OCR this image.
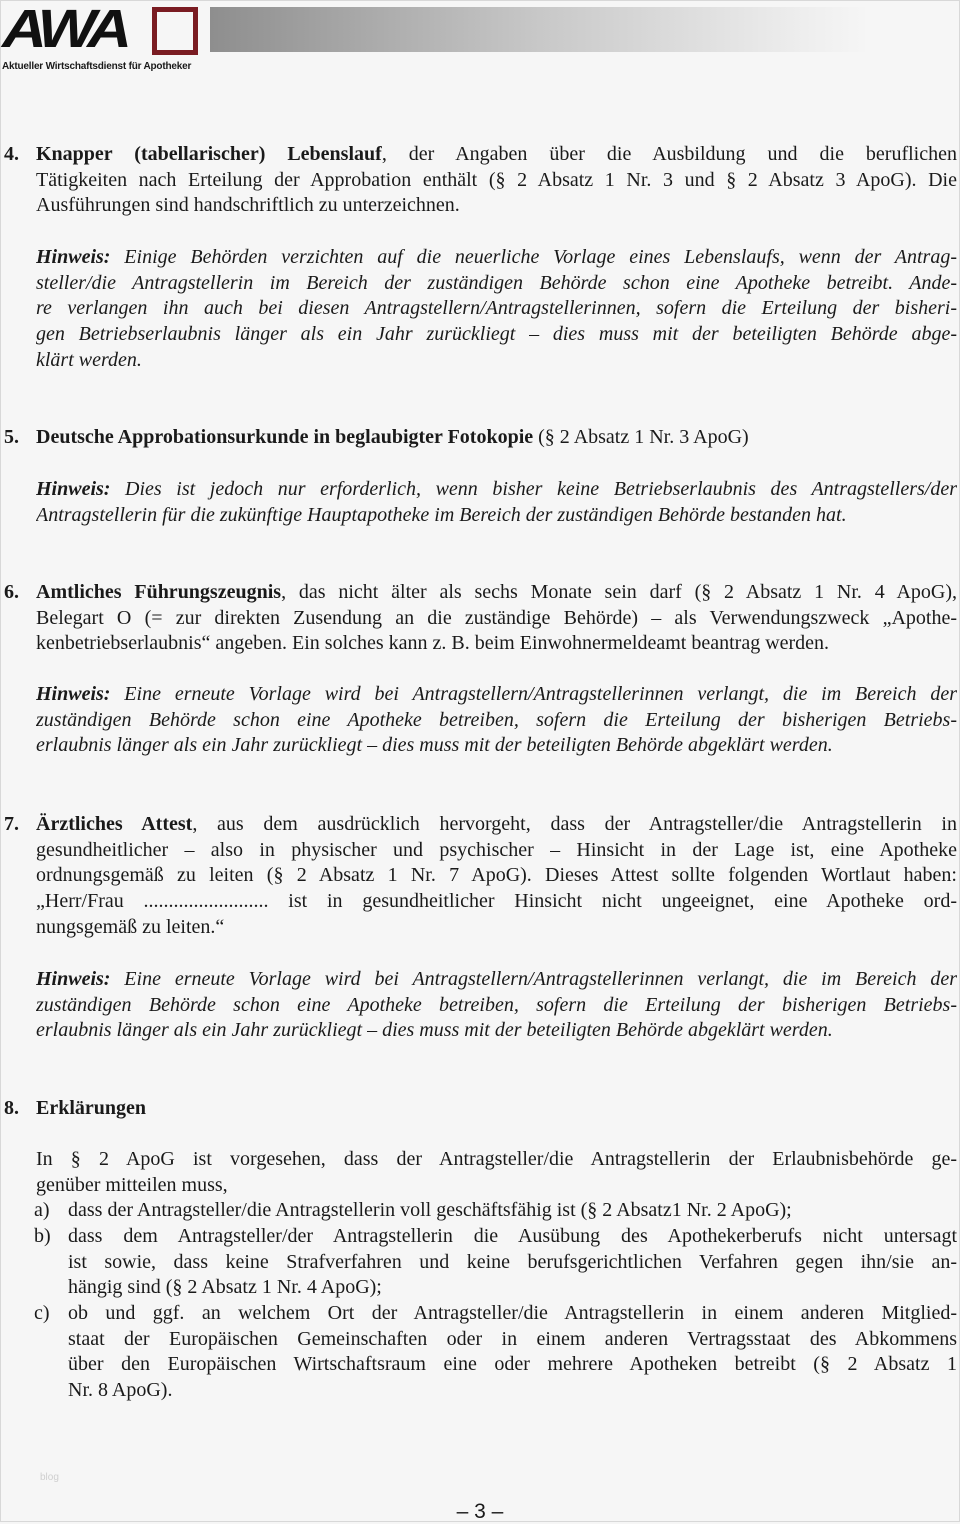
AWA
Aktueller Wirtschaftsdienst für Apotheker
4. Knapper (tabellarischer) Lebenslauf, der Angaben über die Ausbildung und die beruflichen
Tätigkeiten nach Erteilung der Approbation enthält (§ 2 Absatz 1 Nr. 3 und § 2 Absatz 3 ApoG). Die
Ausführungen sind handschriftlich zu unterzeichnen.
Hinweis: Einige Behörden verzichten auf die neuerliche Vorlage eines Lebenslaufs, wenn der Antrag-
steller/die Antragstellerin im Bereich der zuständigen Behörde schon eine Apotheke betreibt. Ande-
re verlangen ihn auch bei diesen Antragstellern/Antragstellerinnen, sofern die Erteilung der bisheri-
gen Betriebserlaubnis länger als ein Jahr zurückliegt – dies muss mit der beteiligten Behörde abge-
klärt werden.
5. Deutsche Approbationsurkunde in beglaubigter Fotokopie (§ 2 Absatz 1 Nr. 3 ApoG)
Hinweis: Dies ist jedoch nur erforderlich, wenn bisher keine Betriebserlaubnis des Antragstellers/der
Antragstellerin für die zukünftige Hauptapotheke im Bereich der zuständigen Behörde bestanden hat.
6. Amtliches Führungszeugnis, das nicht älter als sechs Monate sein darf (§ 2 Absatz 1 Nr. 4 ApoG),
Belegart O (= zur direkten Zusendung an die zuständige Behörde) – als Verwendungszweck „Apothe-
kenbetriebserlaubnis“ angeben. Ein solches kann z. B. beim Einwohnermeldeamt beantrag werden.
Hinweis: Eine erneute Vorlage wird bei Antragstellern/Antragstellerinnen verlangt, die im Bereich der
zuständigen Behörde schon eine Apotheke betreiben, sofern die Erteilung der bisherigen Betriebs-
erlaubnis länger als ein Jahr zurückliegt – dies muss mit der beteiligten Behörde abgeklärt werden.
7. Ärztliches Attest, aus dem ausdrücklich hervorgeht, dass der Antragsteller/die Antragstellerin in
gesundheitlicher – also in physischer und psychischer – Hinsicht in der Lage ist, eine Apotheke
ordnungsgemäß zu leiten (§ 2 Absatz 1 Nr. 7 ApoG). Dieses Attest sollte folgenden Wortlaut haben:
„Herr/Frau ......................... ist in gesundheitlicher Hinsicht nicht ungeeignet, eine Apotheke ord-
nungsgemäß zu leiten.“
Hinweis: Eine erneute Vorlage wird bei Antragstellern/Antragstellerinnen verlangt, die im Bereich der
zuständigen Behörde schon eine Apotheke betreiben, sofern die Erteilung der bisherigen Betriebs-
erlaubnis länger als ein Jahr zurückliegt – dies muss mit der beteiligten Behörde abgeklärt werden.
8. Erklärungen
In § 2 ApoG ist vorgesehen, dass der Antragsteller/die Antragstellerin der Erlaubnisbehörde ge-
genüber mitteilen muss,
a) dass der Antragsteller/die Antragstellerin voll geschäftsfähig ist (§ 2 Absatz1 Nr. 2 ApoG);
b) dass dem Antragsteller/der Antragstellerin die Ausübung des Apothekerberufs nicht untersagt
ist sowie, dass keine Strafverfahren und keine berufsgerichtlichen Verfahren gegen ihn/sie an-
hängig sind (§ 2 Absatz 1 Nr. 4 ApoG);
c) ob und ggf. an welchem Ort der Antragsteller/die Antragstellerin in einem anderen Mitglied-
staat der Europäischen Gemeinschaften oder in einem anderen Vertragsstaat des Abkommens
über den Europäischen Wirtschaftsraum eine oder mehrere Apotheken betreibt (§ 2 Absatz 1
Nr. 8 ApoG).
blog
– 3 –
